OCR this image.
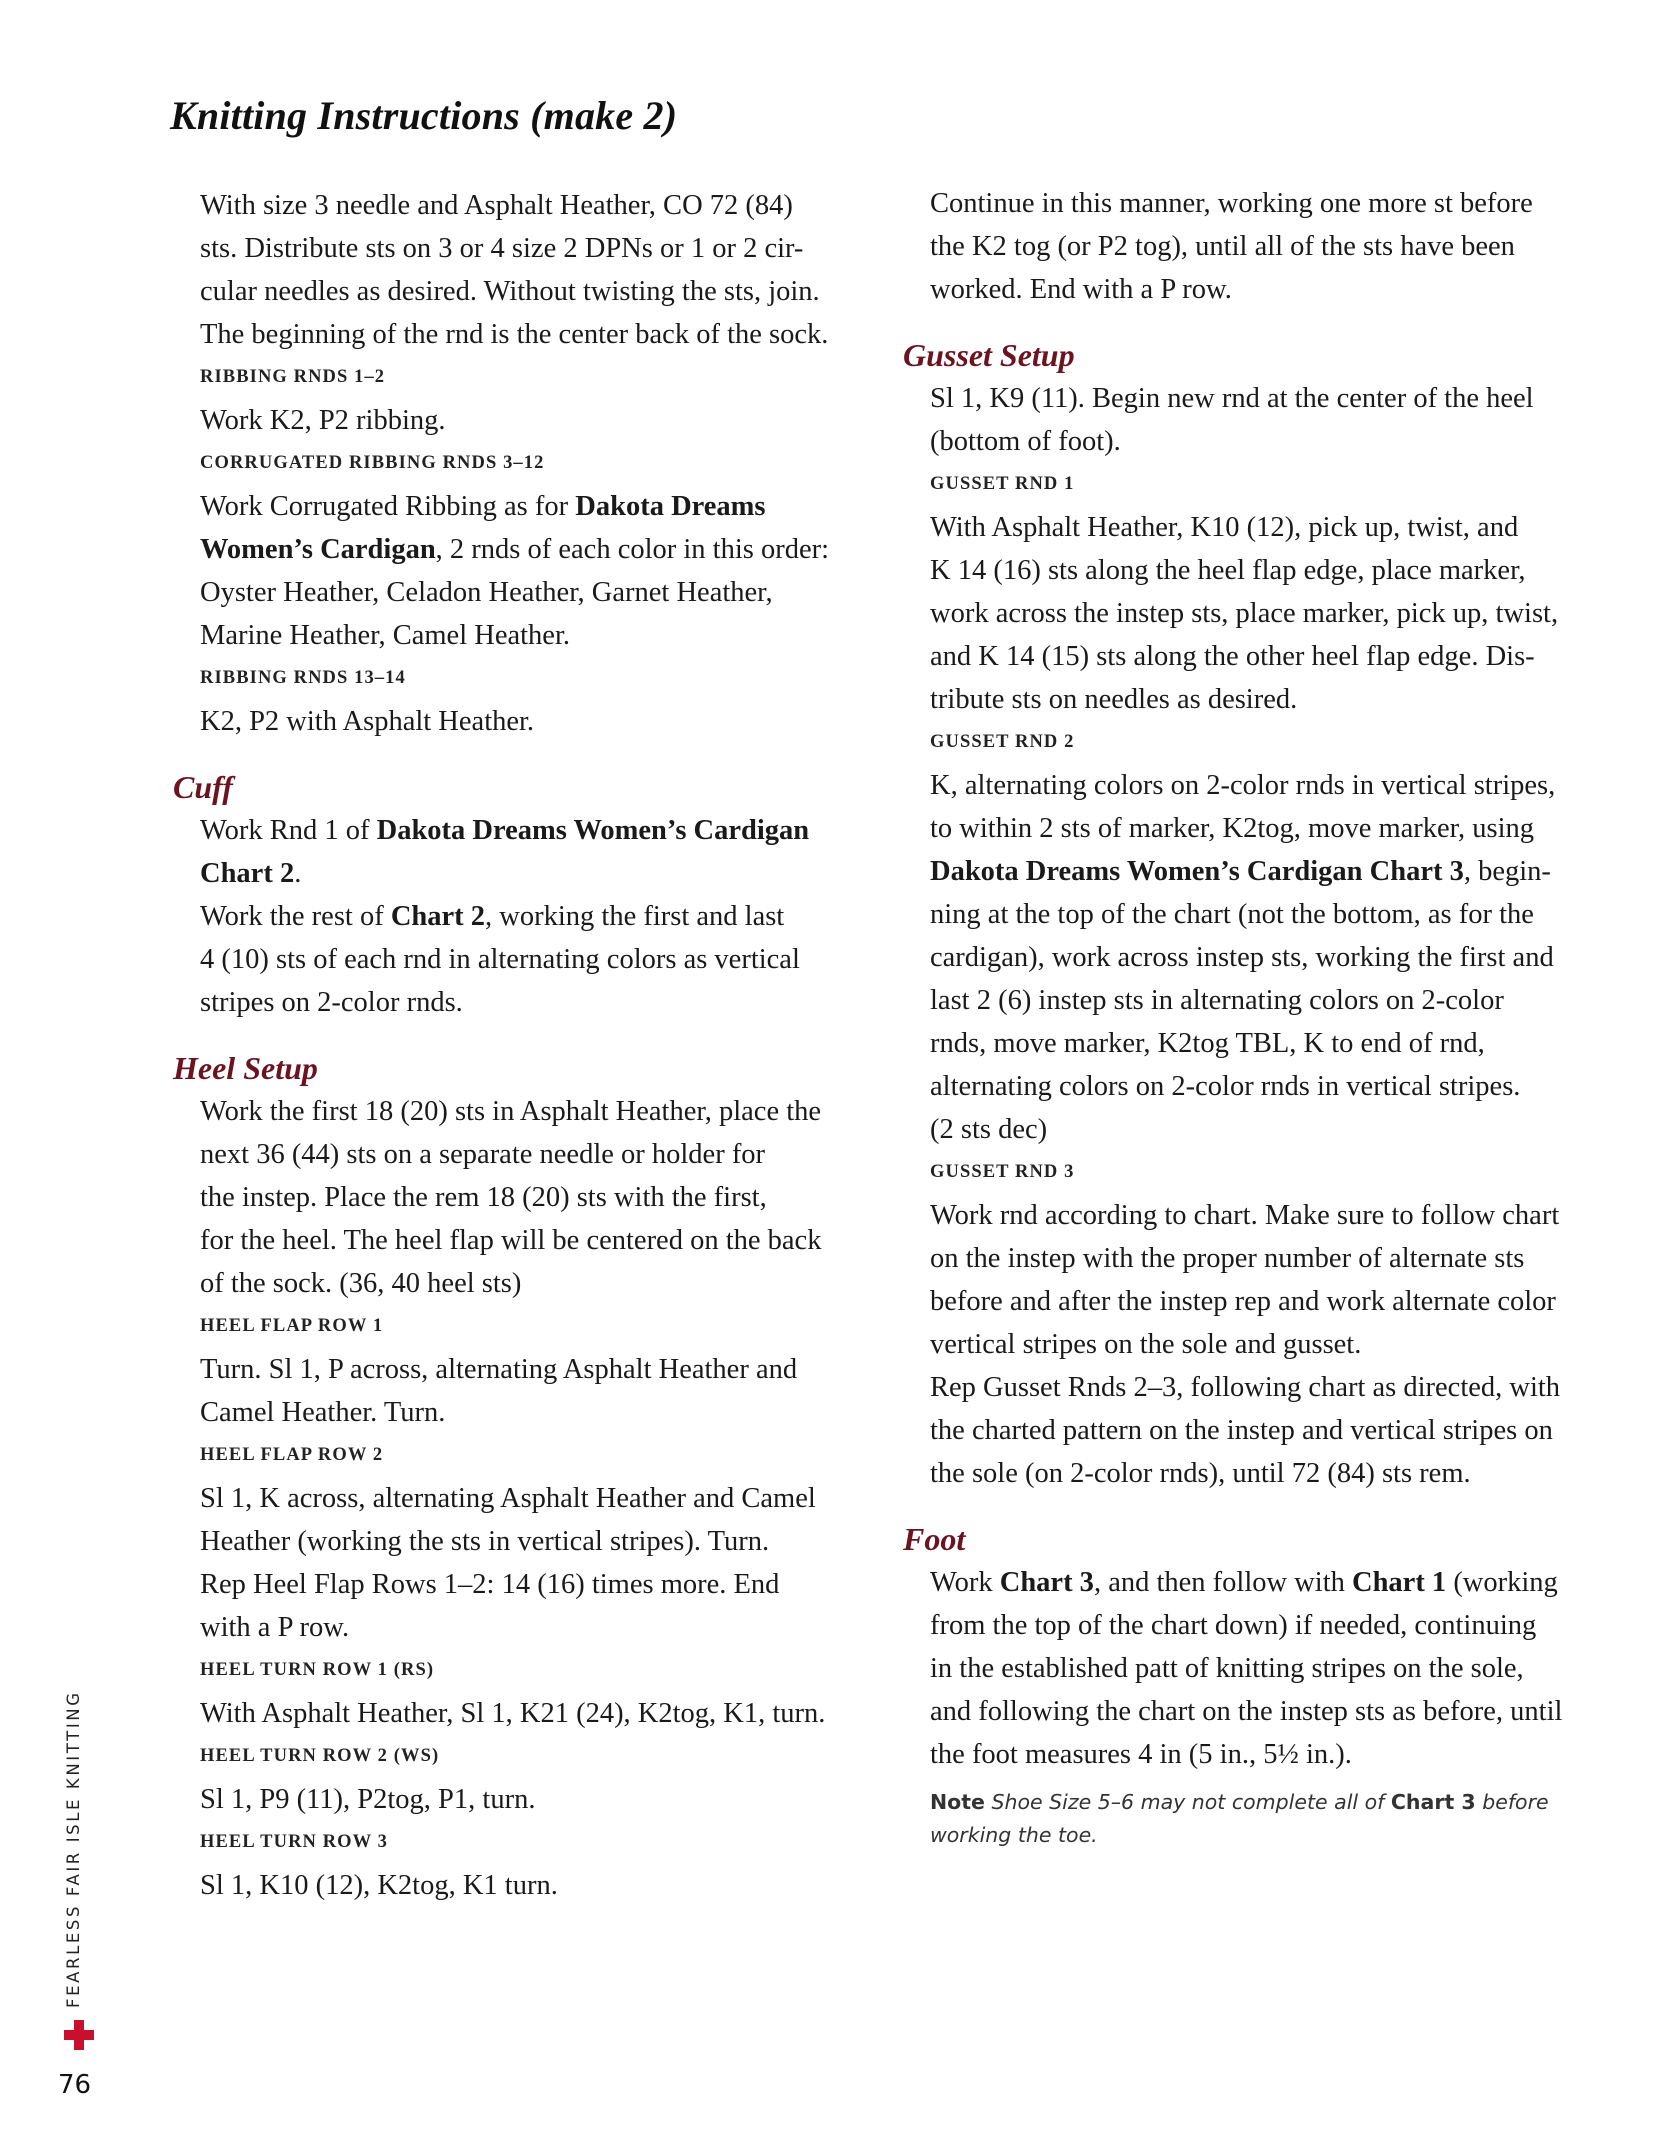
Knitting Instructions (make 2)
With size 3 needle and Asphalt Heather, CO 72 (84)
sts. Distribute sts on 3 or 4 size 2 DPNs or 1 or 2 cir-
cular needles as desired. Without twisting the sts, join.
The beginning of the rnd is the center back of the sock.
RIBBING RNDS 1–2
Work K2, P2 ribbing.
CORRUGATED RIBBING RNDS 3–12
Work Corrugated Ribbing as for Dakota Dreams
Women’s Cardigan, 2 rnds of each color in this order:
Oyster Heather, Celadon Heather, Garnet Heather,
Marine Heather, Camel Heather.
RIBBING RNDS 13–14
K2, P2 with Asphalt Heather.
Cuff
Work Rnd 1 of Dakota Dreams Women’s Cardigan
Chart 2.
Work the rest of Chart 2, working the first and last
4 (10) sts of each rnd in alternating colors as vertical
stripes on 2-color rnds.
Heel Setup
Work the first 18 (20) sts in Asphalt Heather, place the
next 36 (44) sts on a separate needle or holder for
the instep. Place the rem 18 (20) sts with the first,
for the heel. The heel flap will be centered on the back
of the sock. (36, 40 heel sts)
HEEL FLAP ROW 1
Turn. Sl 1, P across, alternating Asphalt Heather and
Camel Heather. Turn.
HEEL FLAP ROW 2
Sl 1, K across, alternating Asphalt Heather and Camel
Heather (working the sts in vertical stripes). Turn.
Rep Heel Flap Rows 1–2: 14 (16) times more. End
with a P row.
HEEL TURN ROW 1 (RS)
With Asphalt Heather, Sl 1, K21 (24), K2tog, K1, turn.
HEEL TURN ROW 2 (WS)
Sl 1, P9 (11), P2tog, P1, turn.
HEEL TURN ROW 3
Sl 1, K10 (12), K2tog, K1 turn.
Continue in this manner, working one more st before
the K2 tog (or P2 tog), until all of the sts have been
worked. End with a P row.
Gusset Setup
Sl 1, K9 (11). Begin new rnd at the center of the heel
(bottom of foot).
GUSSET RND 1
With Asphalt Heather, K10 (12), pick up, twist, and
K 14 (16) sts along the heel flap edge, place marker,
work across the instep sts, place marker, pick up, twist,
and K 14 (15) sts along the other heel flap edge. Dis-
tribute sts on needles as desired.
GUSSET RND 2
K, alternating colors on 2-color rnds in vertical stripes,
to within 2 sts of marker, K2tog, move marker, using
Dakota Dreams Women’s Cardigan Chart 3, begin-
ning at the top of the chart (not the bottom, as for the
cardigan), work across instep sts, working the first and
last 2 (6) instep sts in alternating colors on 2-color
rnds, move marker, K2tog TBL, K to end of rnd,
alternating colors on 2-color rnds in vertical stripes.
(2 sts dec)
GUSSET RND 3
Work rnd according to chart. Make sure to follow chart
on the instep with the proper number of alternate sts
before and after the instep rep and work alternate color
vertical stripes on the sole and gusset.
Rep Gusset Rnds 2–3, following chart as directed, with
the charted pattern on the instep and vertical stripes on
the sole (on 2-color rnds), until 72 (84) sts rem.
Foot
Work Chart 3, and then follow with Chart 1 (working
from the top of the chart down) if needed, continuing
in the established patt of knitting stripes on the sole,
and following the chart on the instep sts as before, until
the foot measures 4 in (5 in., 5½ in.).
Note Shoe Size 5–6 may not complete all of Chart 3 before
working the toe.
FEARLESS FAIR ISLE KNITTING
76
